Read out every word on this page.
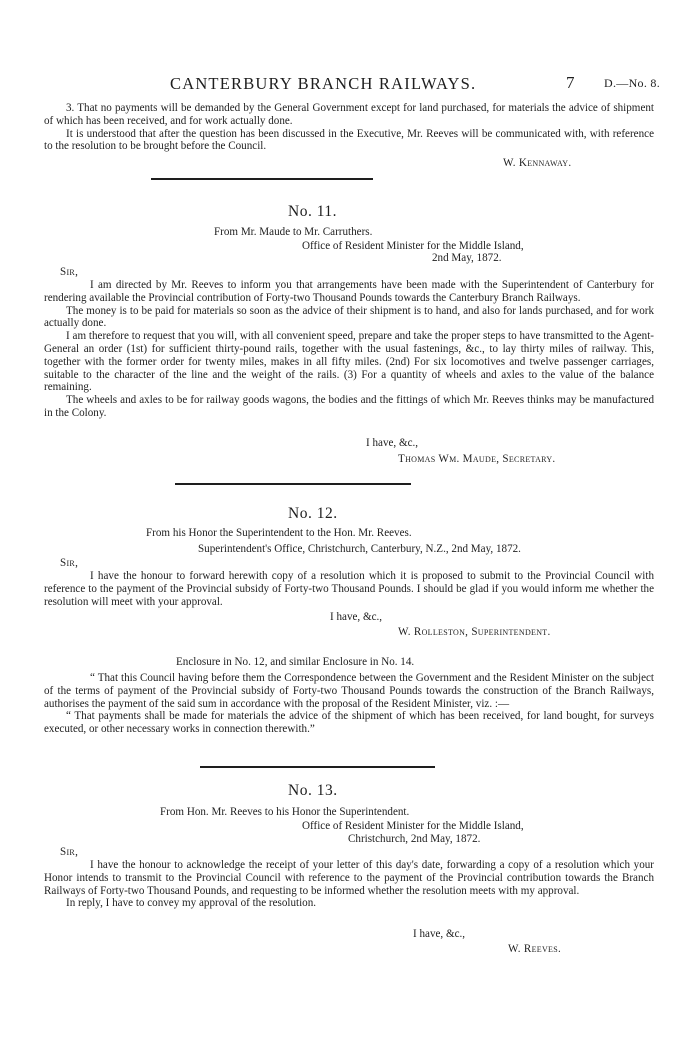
CANTERBURY BRANCH RAILWAYS.	7 D.—No. 8.

3. That no payments will be demanded by the General Government except for land purchased, for materials the advice of shipment of which has been received, and for work actually done.

It is understood that after the question has been discussed in the Executive, Mr. Reeves will be communicated with, with reference to the resolution to be brought before the Council.

W. Kennaway.
No. 11.
From Mr. Maude to Mr. Carruthers.
Office of Resident Minister for the Middle Island,
2nd May, 1872.
Sir,

I am directed by Mr. Reeves to inform you that arrangements have been made with the Superintendent of Canterbury for rendering available the Provincial contribution of Forty-two Thousand Pounds towards the Canterbury Branch Railways.

The money is to be paid for materials so soon as the advice of their shipment is to hand, and also for lands purchased, and for work actually done.

I am therefore to request that you will, with all convenient speed, prepare and take the proper steps to have transmitted to the Agent-General an order (1st) for sufficient thirty-pound rails, together with the usual fastenings, &c., to lay thirty miles of railway. This, together with the former order for twenty miles, makes in all fifty miles. (2nd) For six locomotives and twelve passenger carriages, suitable to the character of the line and the weight of the rails. (3) For a quantity of wheels and axles to the value of the balance remaining.

The wheels and axles to be for railway goods wagons, the bodies and the fittings of which Mr. Reeves thinks may be manufactured in the Colony.

I have, &c.,
Thomas Wm. Maude, Secretary.
No. 12.
From his Honor the Superintendent to the Hon. Mr. Reeves.
Superintendent's Office, Christchurch, Canterbury, N.Z., 2nd May, 1872.
Sir,

I have the honour to forward herewith copy of a resolution which it is proposed to submit to the Provincial Council with reference to the payment of the Provincial subsidy of Forty-two Thousand Pounds. I should be glad if you would inform me whether the resolution will meet with your approval.

I have, &c.,
W. Rolleston, Superintendent.
Enclosure in No. 12, and similar Enclosure in No. 14.

“ That this Council having before them the Correspondence between the Government and the Resident Minister on the subject of the terms of payment of the Provincial subsidy of Forty-two Thousand Pounds towards the construction of the Branch Railways, authorises the payment of the said sum in accordance with the proposal of the Resident Minister, viz. :—

“ That payments shall be made for materials the advice of the shipment of which has been received, for land bought, for surveys executed, or other necessary works in connection therewith.”

No. 13.
From Hon. Mr. Reeves to his Honor the Superintendent.
Office of Resident Minister for the Middle Island,
Christchurch, 2nd May, 1872.
Sir,

I have the honour to acknowledge the receipt of your letter of this day's date, forwarding a copy of a resolution which your Honor intends to transmit to the Provincial Council with reference to the payment of the Provincial contribution towards the Branch Railways of Forty-two Thousand Pounds, and requesting to be informed whether the resolution meets with my approval.

In reply, I have to convey my approval of the resolution.

I have, &c.,
W. Reeves.
